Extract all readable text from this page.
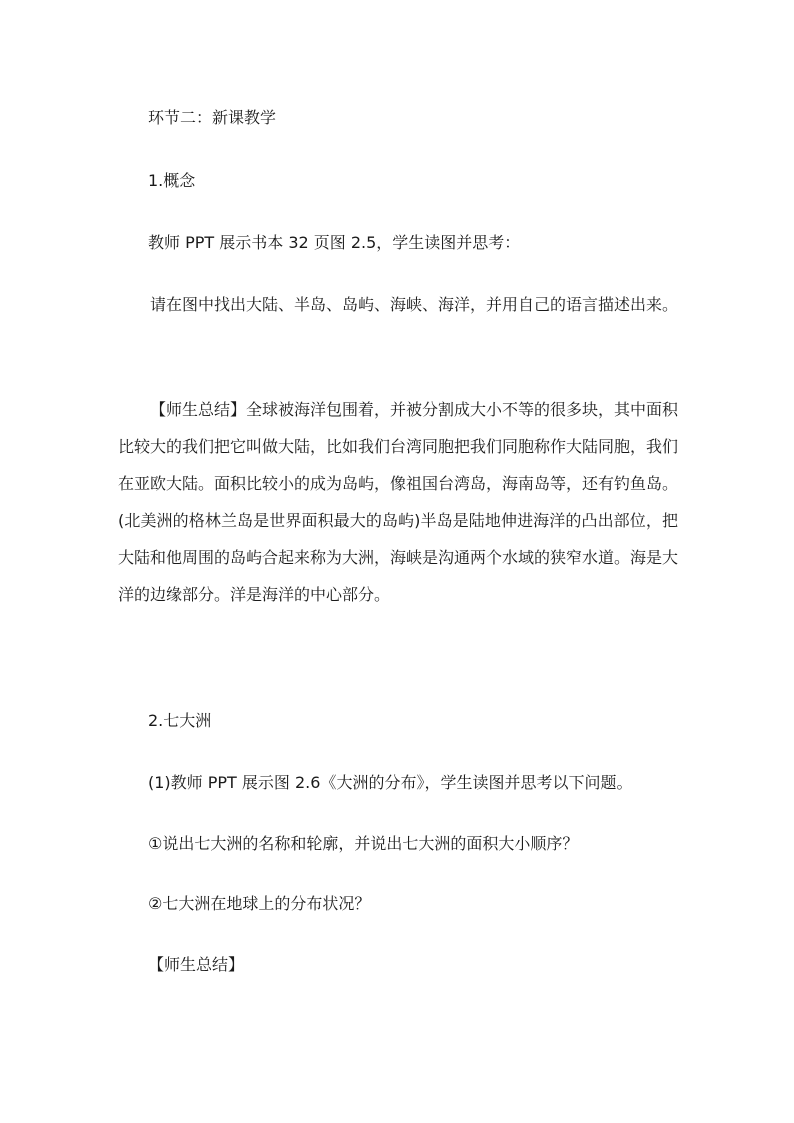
环节二：新课教学
1.概念
教师 PPT 展示书本 32 页图 2.5，学生读图并思考：
请在图中找出大陆、半岛、岛屿、海峡、海洋，并用自己的语言描述出来。
【师生总结】全球被海洋包围着，并被分割成大小不等的很多块，其中面积比较大的我们把它叫做大陆，比如我们台湾同胞把我们同胞称作大陆同胞，我们在亚欧大陆。面积比较小的成为岛屿，像祖国台湾岛，海南岛等，还有钓鱼岛。(北美洲的格林兰岛是世界面积最大的岛屿)半岛是陆地伸进海洋的凸出部位，把大陆和他周围的岛屿合起来称为大洲，海峡是沟通两个水域的狭窄水道。海是大洋的边缘部分。洋是海洋的中心部分。
2.七大洲
(1)教师 PPT 展示图 2.6《大洲的分布》，学生读图并思考以下问题。
①说出七大洲的名称和轮廓，并说出七大洲的面积大小顺序？
②七大洲在地球上的分布状况？
【师生总结】
